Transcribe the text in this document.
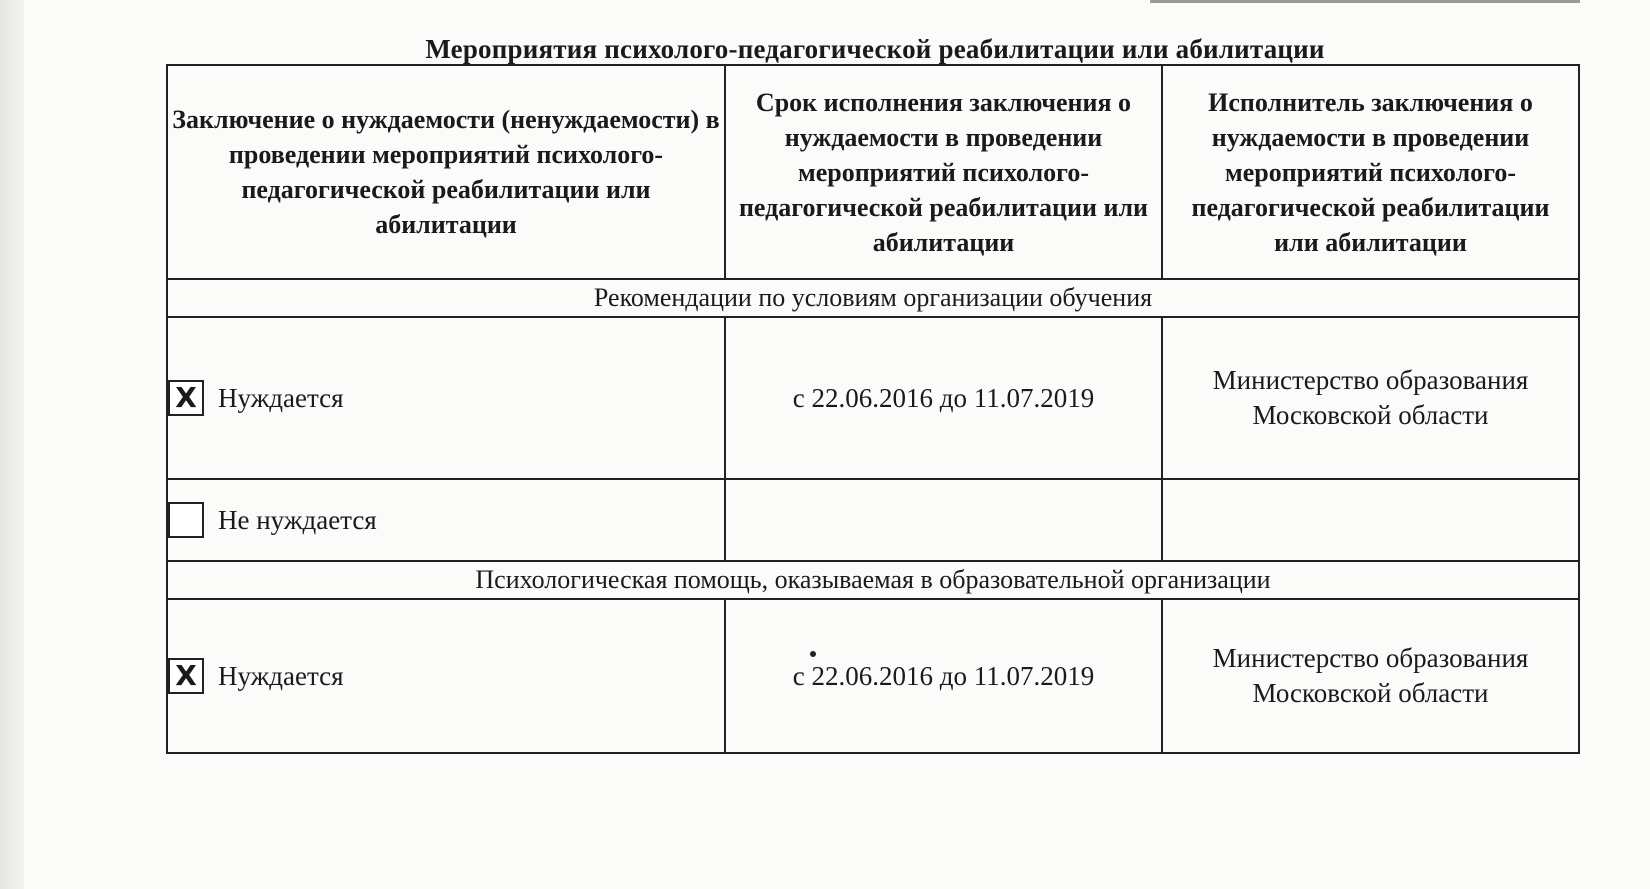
Мероприятия психолого-педагогической реабилитации или абилитации
Заключение о нуждаемости (ненуждаемости) в проведении мероприятий психолого-педагогической реабилитации или абилитации	Срок исполнения заключения о нуждаемости в проведении мероприятий психолого-педагогической реабилитации или абилитации	Исполнитель заключения о нуждаемости в проведении мероприятий психолого-педагогической реабилитации или абилитации
Рекомендации по условиям организации обучения		

X Нуждается	с 22.06.2016 до 11.07.2019	Министерство образования Московской области

Не нуждается		

Психологическая помощь, оказываемая в образовательной организации		

X Нуждается	с 22.06.2016 до 11.07.2019	Министерство образования Московской области
